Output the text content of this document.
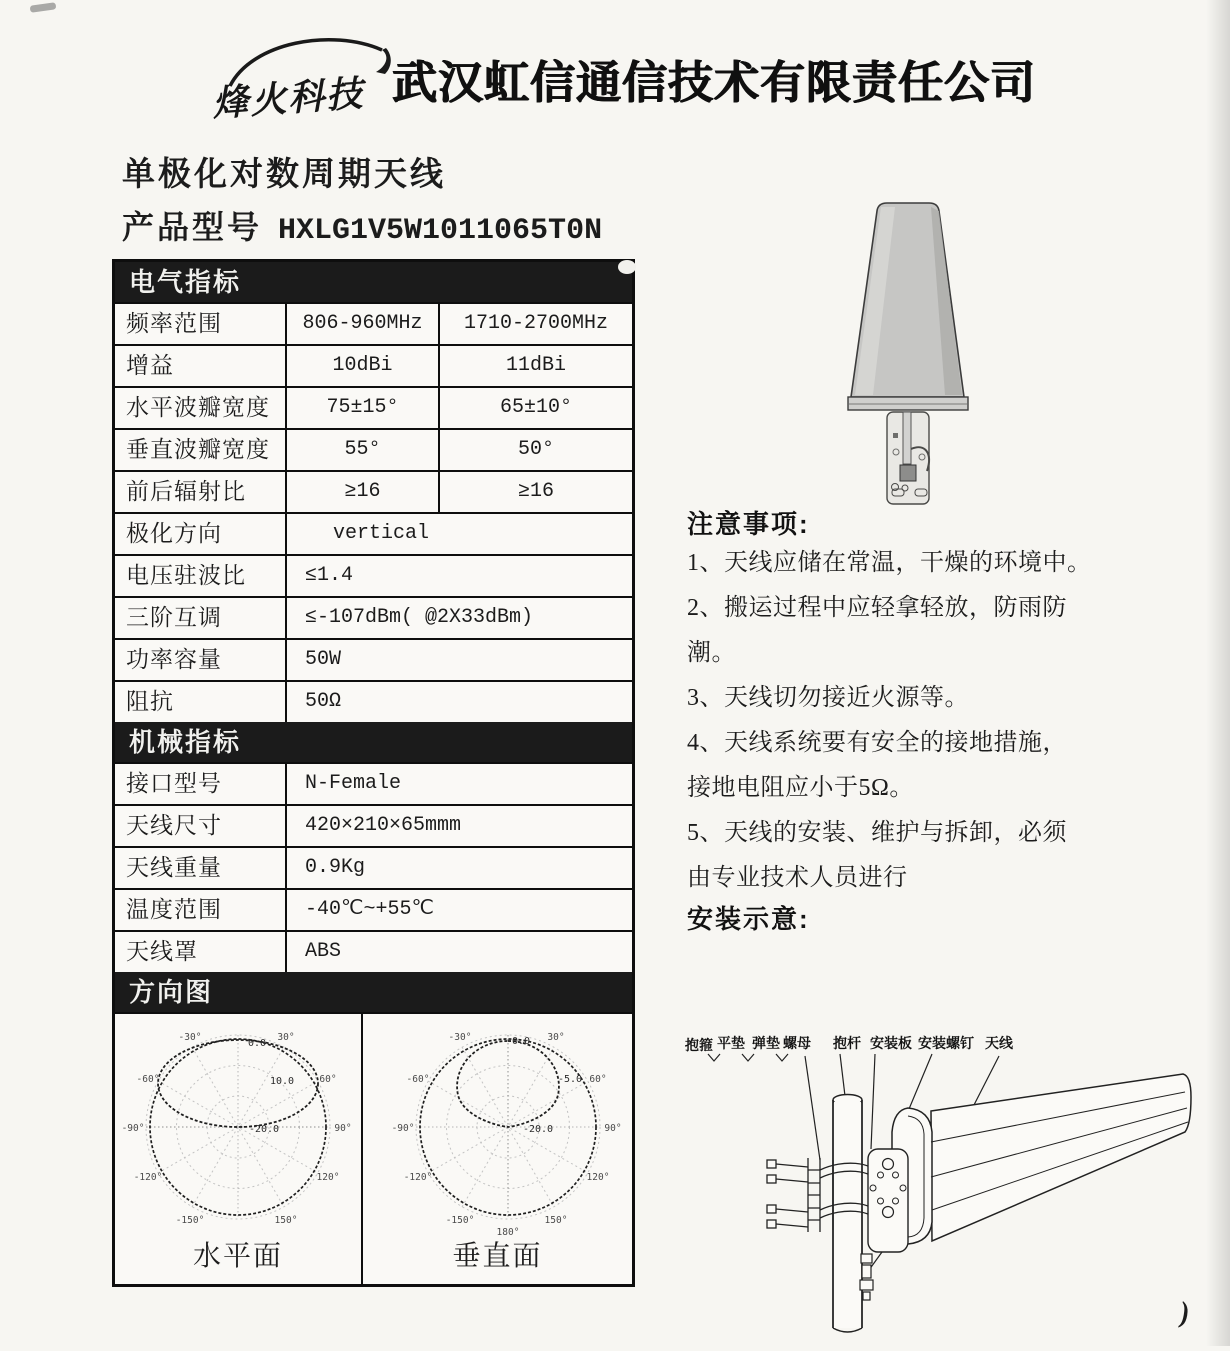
烽火科技 武汉虹信通信技术有限责任公司
单极化对数周期天线
产品型号 HXLG1V5W1011065T0N
电气指标
频率范围	806-960MHz	1710-2700MHz
增益	10dBi	11dBi
水平波瓣宽度	75±15°	65±10°
垂直波瓣宽度	55°	50°
前后辐射比	≥16	≥16
极化方向	vertical
电压驻波比	≤1.4
三阶互调	≤-107dBm( @2X33dBm)
功率容量	50W
阻抗	50Ω
机械指标
接口型号	N-Female
天线尺寸	420×210×65mmm
天线重量	0.9Kg
温度范围	-40℃~+55℃
天线罩	ABS
方向图
-30°	30°
-60°	60°
-90°	90°
-120°	120°
-150°	150°
0.0
10.0
-20.0
水平面
-30°	30°
-60°	60°
-90°	90°
-120°	120°
-150°	150°
180°
0.0
-5.0
-20.0
垂直面
注意事项:
1、天线应储在常温，干燥的环境中。
2、搬运过程中应轻拿轻放，防雨防
潮。
3、天线切勿接近火源等。
4、天线系统要有安全的接地措施，
接地电阻应小于5Ω。
5、天线的安装、维护与拆卸，必须
由专业技术人员进行
安装示意:
抱箍 平垫 弹垫 螺母 抱杆 安装板 安装螺钉 天线
)
